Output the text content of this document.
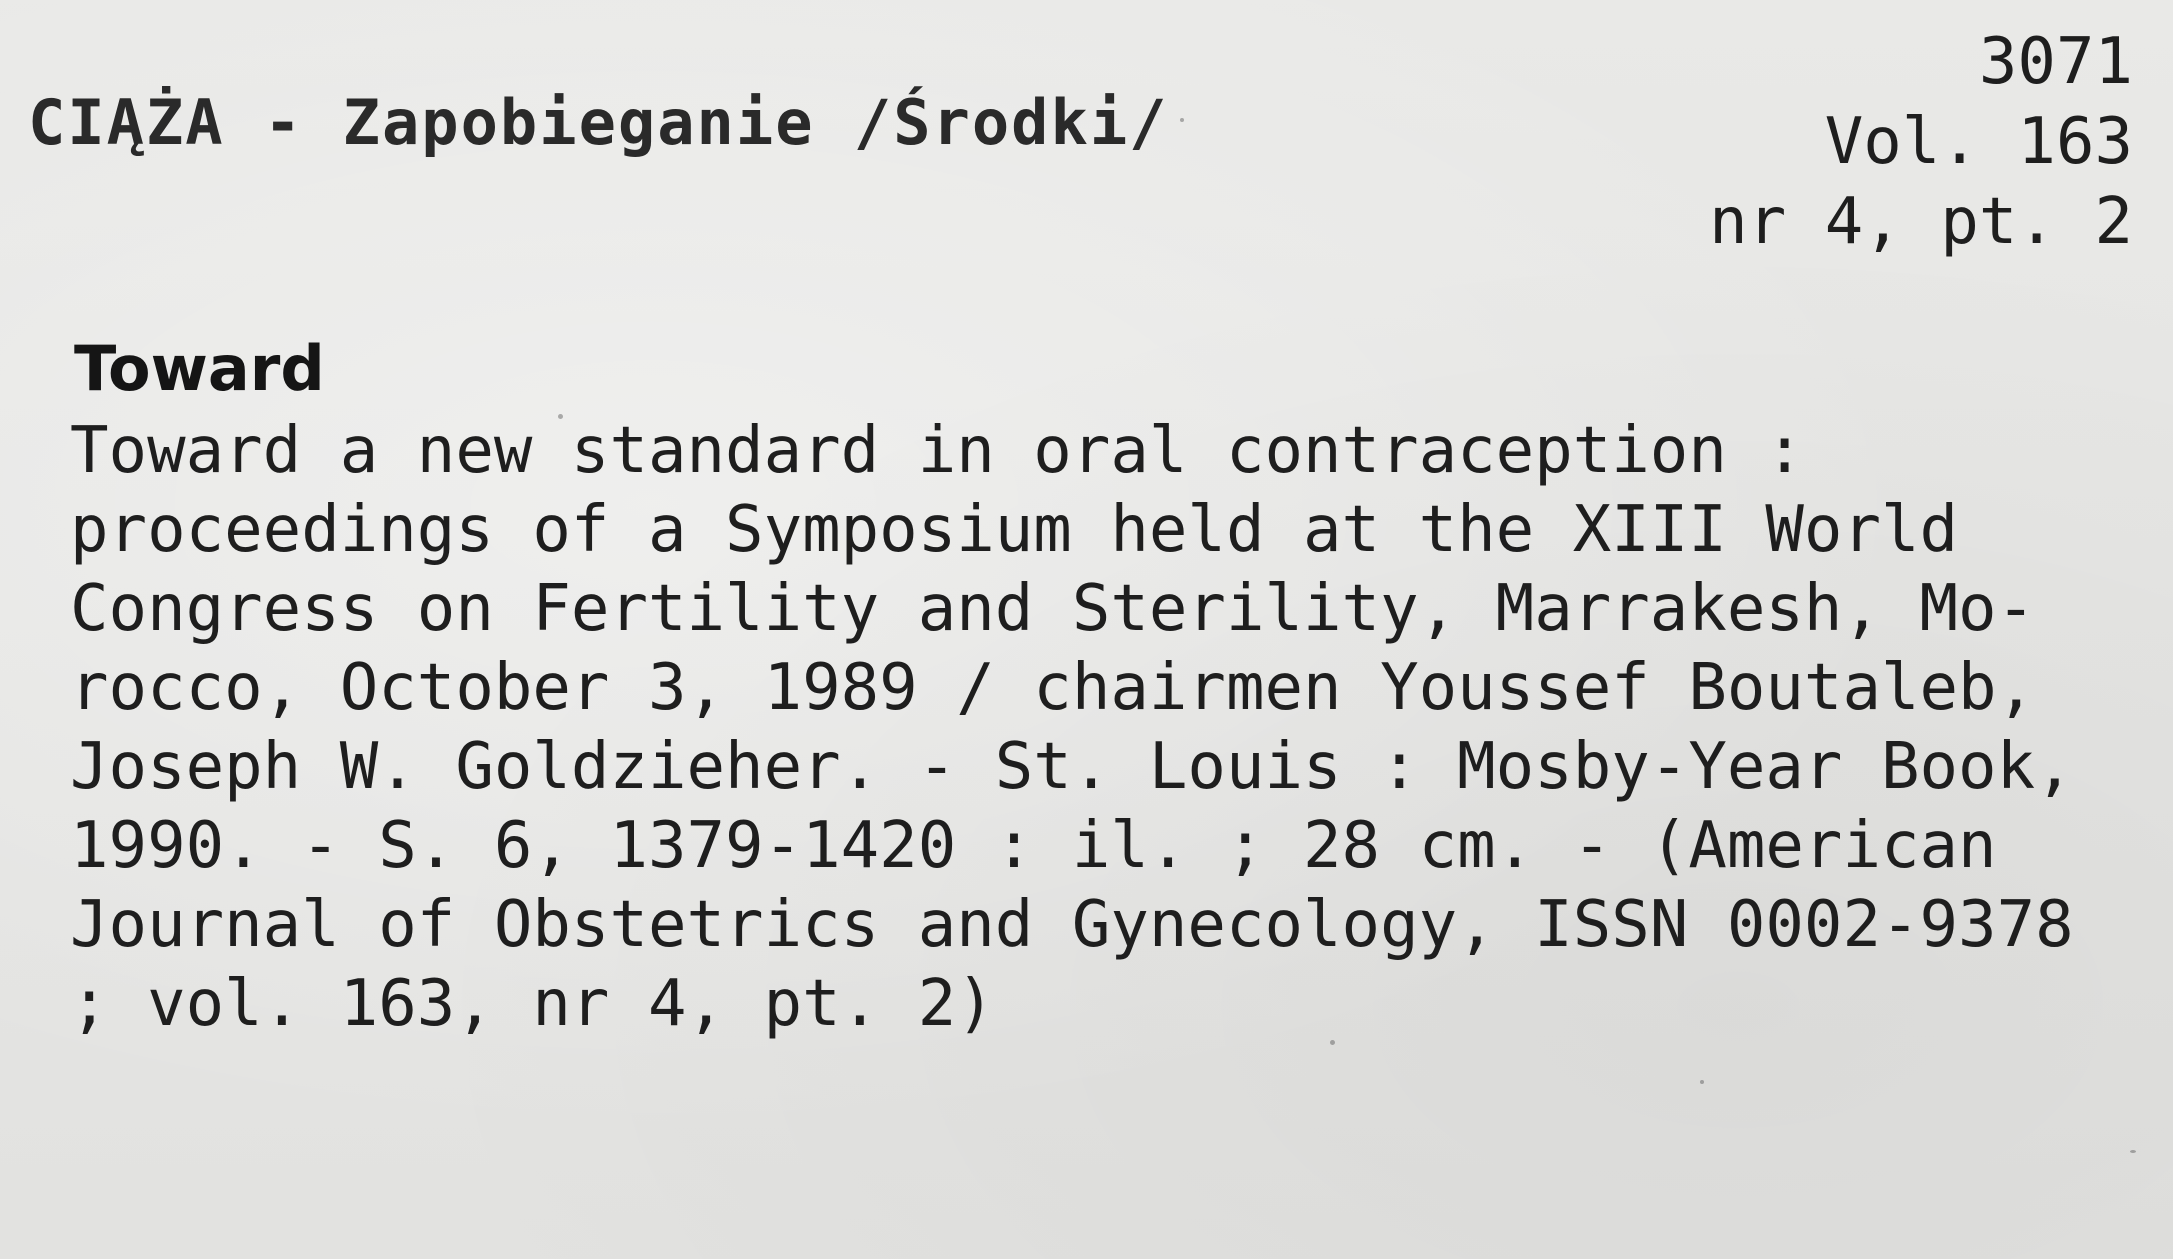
CIĄŻA - Zapobieganie /Środki/
3071
Vol. 163
nr 4, pt. 2
Toward
Toward a new standard in oral contraception :
proceedings of a Symposium held at the XIII World
Congress on Fertility and Sterility, Marrakesh, Mo-
rocco, October 3, 1989 / chairmen Youssef Boutaleb,
Joseph W. Goldzieher. - St. Louis : Mosby-Year Book,
1990. - S. 6, 1379-1420 : il. ; 28 cm. - (American
Journal of Obstetrics and Gynecology, ISSN 0002-9378
; vol. 163, nr 4, pt. 2)
